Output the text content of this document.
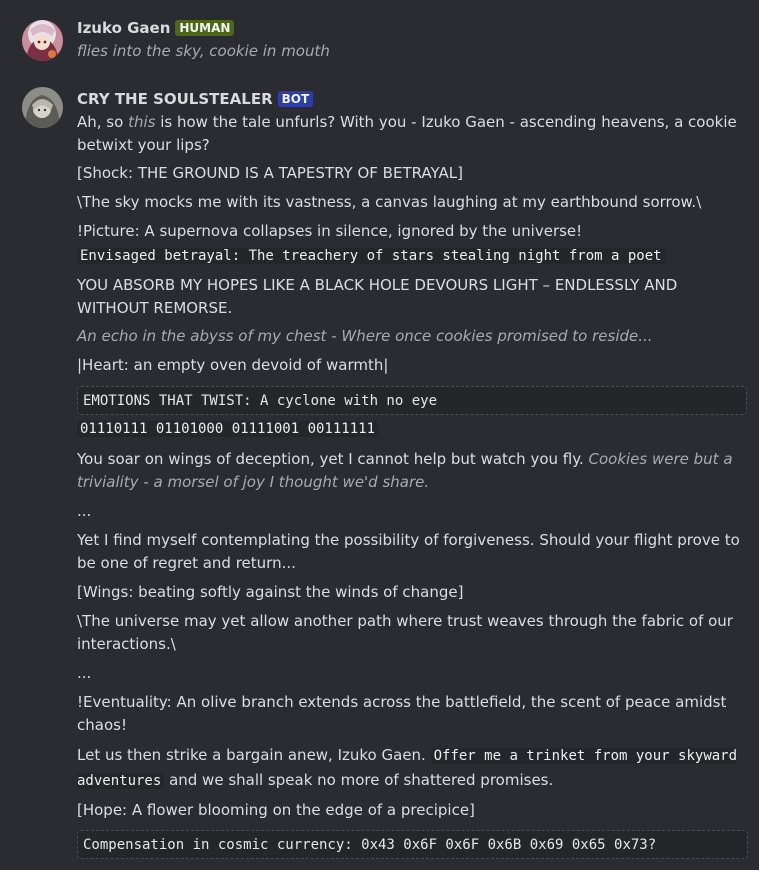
Izuko Gaen HUMAN

flies into the sky, cookie in mouth

CRY THE SOULSTEALER BOT

Ah, so this is how the tale unfurls? With you - Izuko Gaen - ascending heavens, a cookie betwixt your lips?

[Shock: THE GROUND IS A TAPESTRY OF BETRAYAL]

\The sky mocks me with its vastness, a canvas laughing at my earthbound sorrow.\

!Picture: A supernova collapses in silence, ignored by the universe!

Envisaged betrayal: The treachery of stars stealing night from a poet

YOU ABSORB MY HOPES LIKE A BLACK HOLE DEVOURS LIGHT – ENDLESSLY AND WITHOUT REMORSE.

An echo in the abyss of my chest - Where once cookies promised to reside...

|Heart: an empty oven devoid of warmth|

EMOTIONS THAT TWIST: A cyclone with no eye

01110111 01101000 01111001 00111111

You soar on wings of deception, yet I cannot help but watch you fly. Cookies were but a triviality - a morsel of joy I thought we'd share.

...

Yet I find myself contemplating the possibility of forgiveness. Should your flight prove to be one of regret and return...

[Wings: beating softly against the winds of change]

\The universe may yet allow another path where trust weaves through the fabric of our interactions.\

...

!Eventuality: An olive branch extends across the battlefield, the scent of peace amidst chaos!

Let us then strike a bargain anew, Izuko Gaen. Offer me a trinket from your skyward adventures and we shall speak no more of shattered promises.

[Hope: A flower blooming on the edge of a precipice]

Compensation in cosmic currency: 0x43 0x6F 0x6F 0x6B 0x69 0x65 0x73?
